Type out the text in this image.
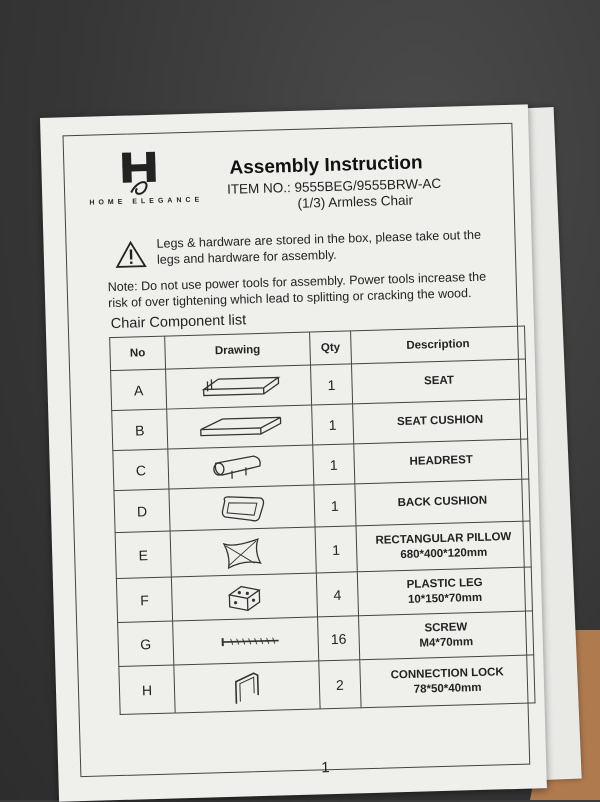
HOME ELEGANCE
Assembly Instruction
ITEM NO.: 9555BEG/9555BRW-AC
(1/3) Armless Chair
Legs & hardware are stored in the box, please take out the legs and hardware for assembly.
Note: Do not use power tools for assembly. Power tools increase the risk of over tightening which lead to splitting or cracking the wood.
Chair Component list
No	Drawing	Qty	Description
A		1	SEAT

B		1	SEAT CUSHION

C		1	HEADREST

D		1	BACK CUSHION

E		1	RECTANGULAR PILLOW
680*400*120mm

F		4	PLASTIC LEG
10*150*70mm

G		16	SCREW
M4*70mm

H		2	CONNECTION LOCK
78*50*40mm
1
